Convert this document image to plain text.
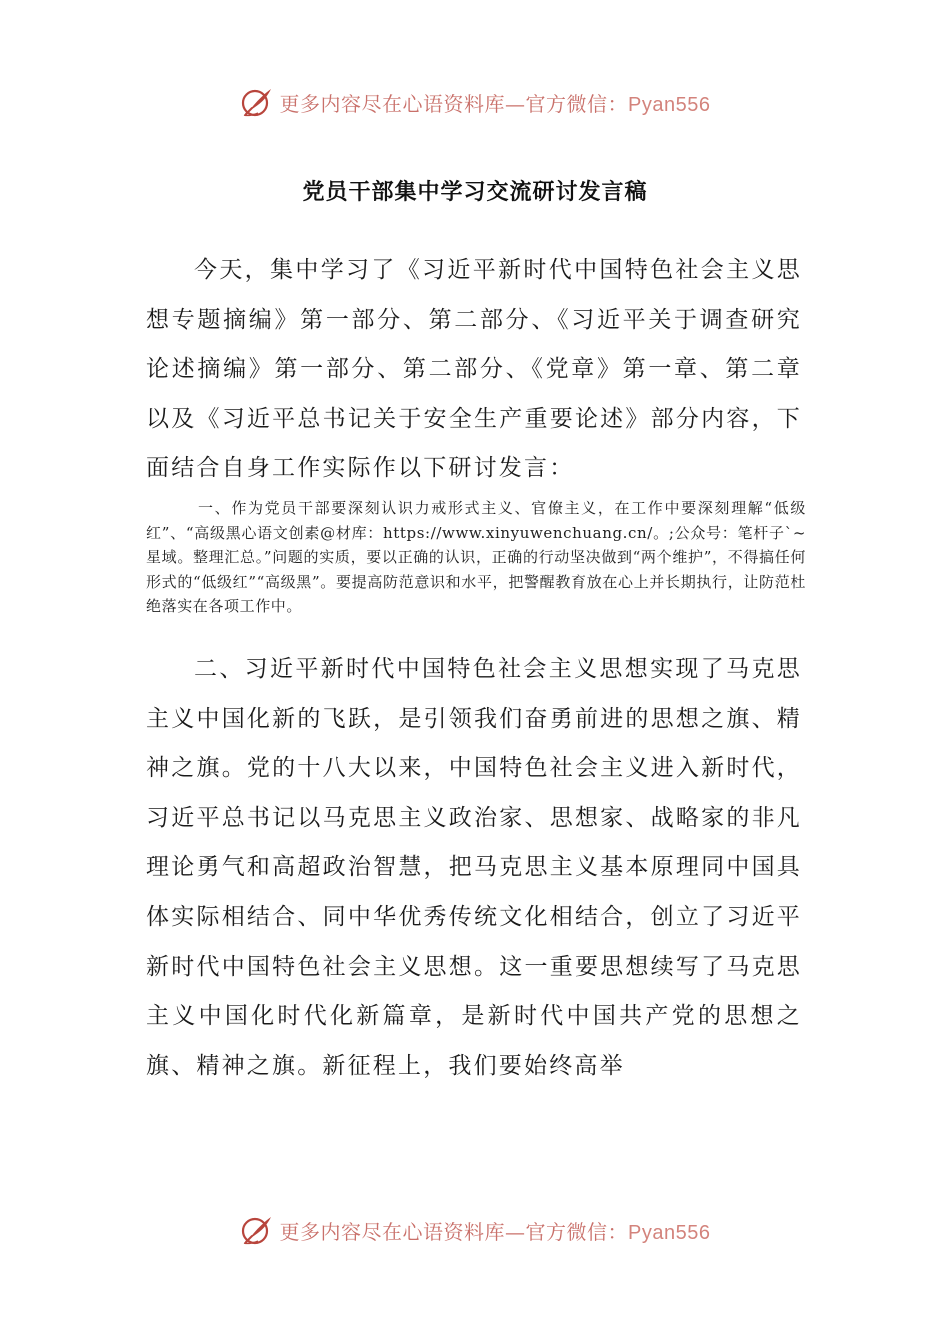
更多内容尽在心语资料库—官方微信：Pyan556
党员干部集中学习交流研讨发言稿

今天，集中学习了《习近平新时代中国特色社会主义思想专题摘编》第一部分、第二部分、《习近平关于调查研究论述摘编》第一部分、第二部分、《党章》第一章、第二章以及《习近平总书记关于安全生产重要论述》部分内容，下面结合自身工作实际作以下研讨发言：

一、作为党员干部要深刻认识力戒形式主义、官僚主义，在工作中要深刻理解“低级红”、“高级黑心语文创素@材库：https://www.xinyuwenchuang.cn/。;公众号：笔杆子`~星域。整理汇总。”问题的实质，要以正确的认识，正确的行动坚决做到“两个维护”，不得搞任何形式的“低级红”“高级黑”。要提高防范意识和水平，把警醒教育放在心上并长期执行，让防范杜绝落实在各项工作中。

二、习近平新时代中国特色社会主义思想实现了马克思主义中国化新的飞跃，是引领我们奋勇前进的思想之旗、精神之旗。党的十八大以来，中国特色社会主义进入新时代，习近平总书记以马克思主义政治家、思想家、战略家的非凡理论勇气和高超政治智慧，把马克思主义基本原理同中国具体实际相结合、同中华优秀传统文化相结合，创立了习近平新时代中国特色社会主义思想。这一重要思想续写了马克思主义中国化时代化新篇章，是新时代中国共产党的思想之旗、精神之旗。新征程上，我们要始终高举

更多内容尽在心语资料库—官方微信：Pyan556
